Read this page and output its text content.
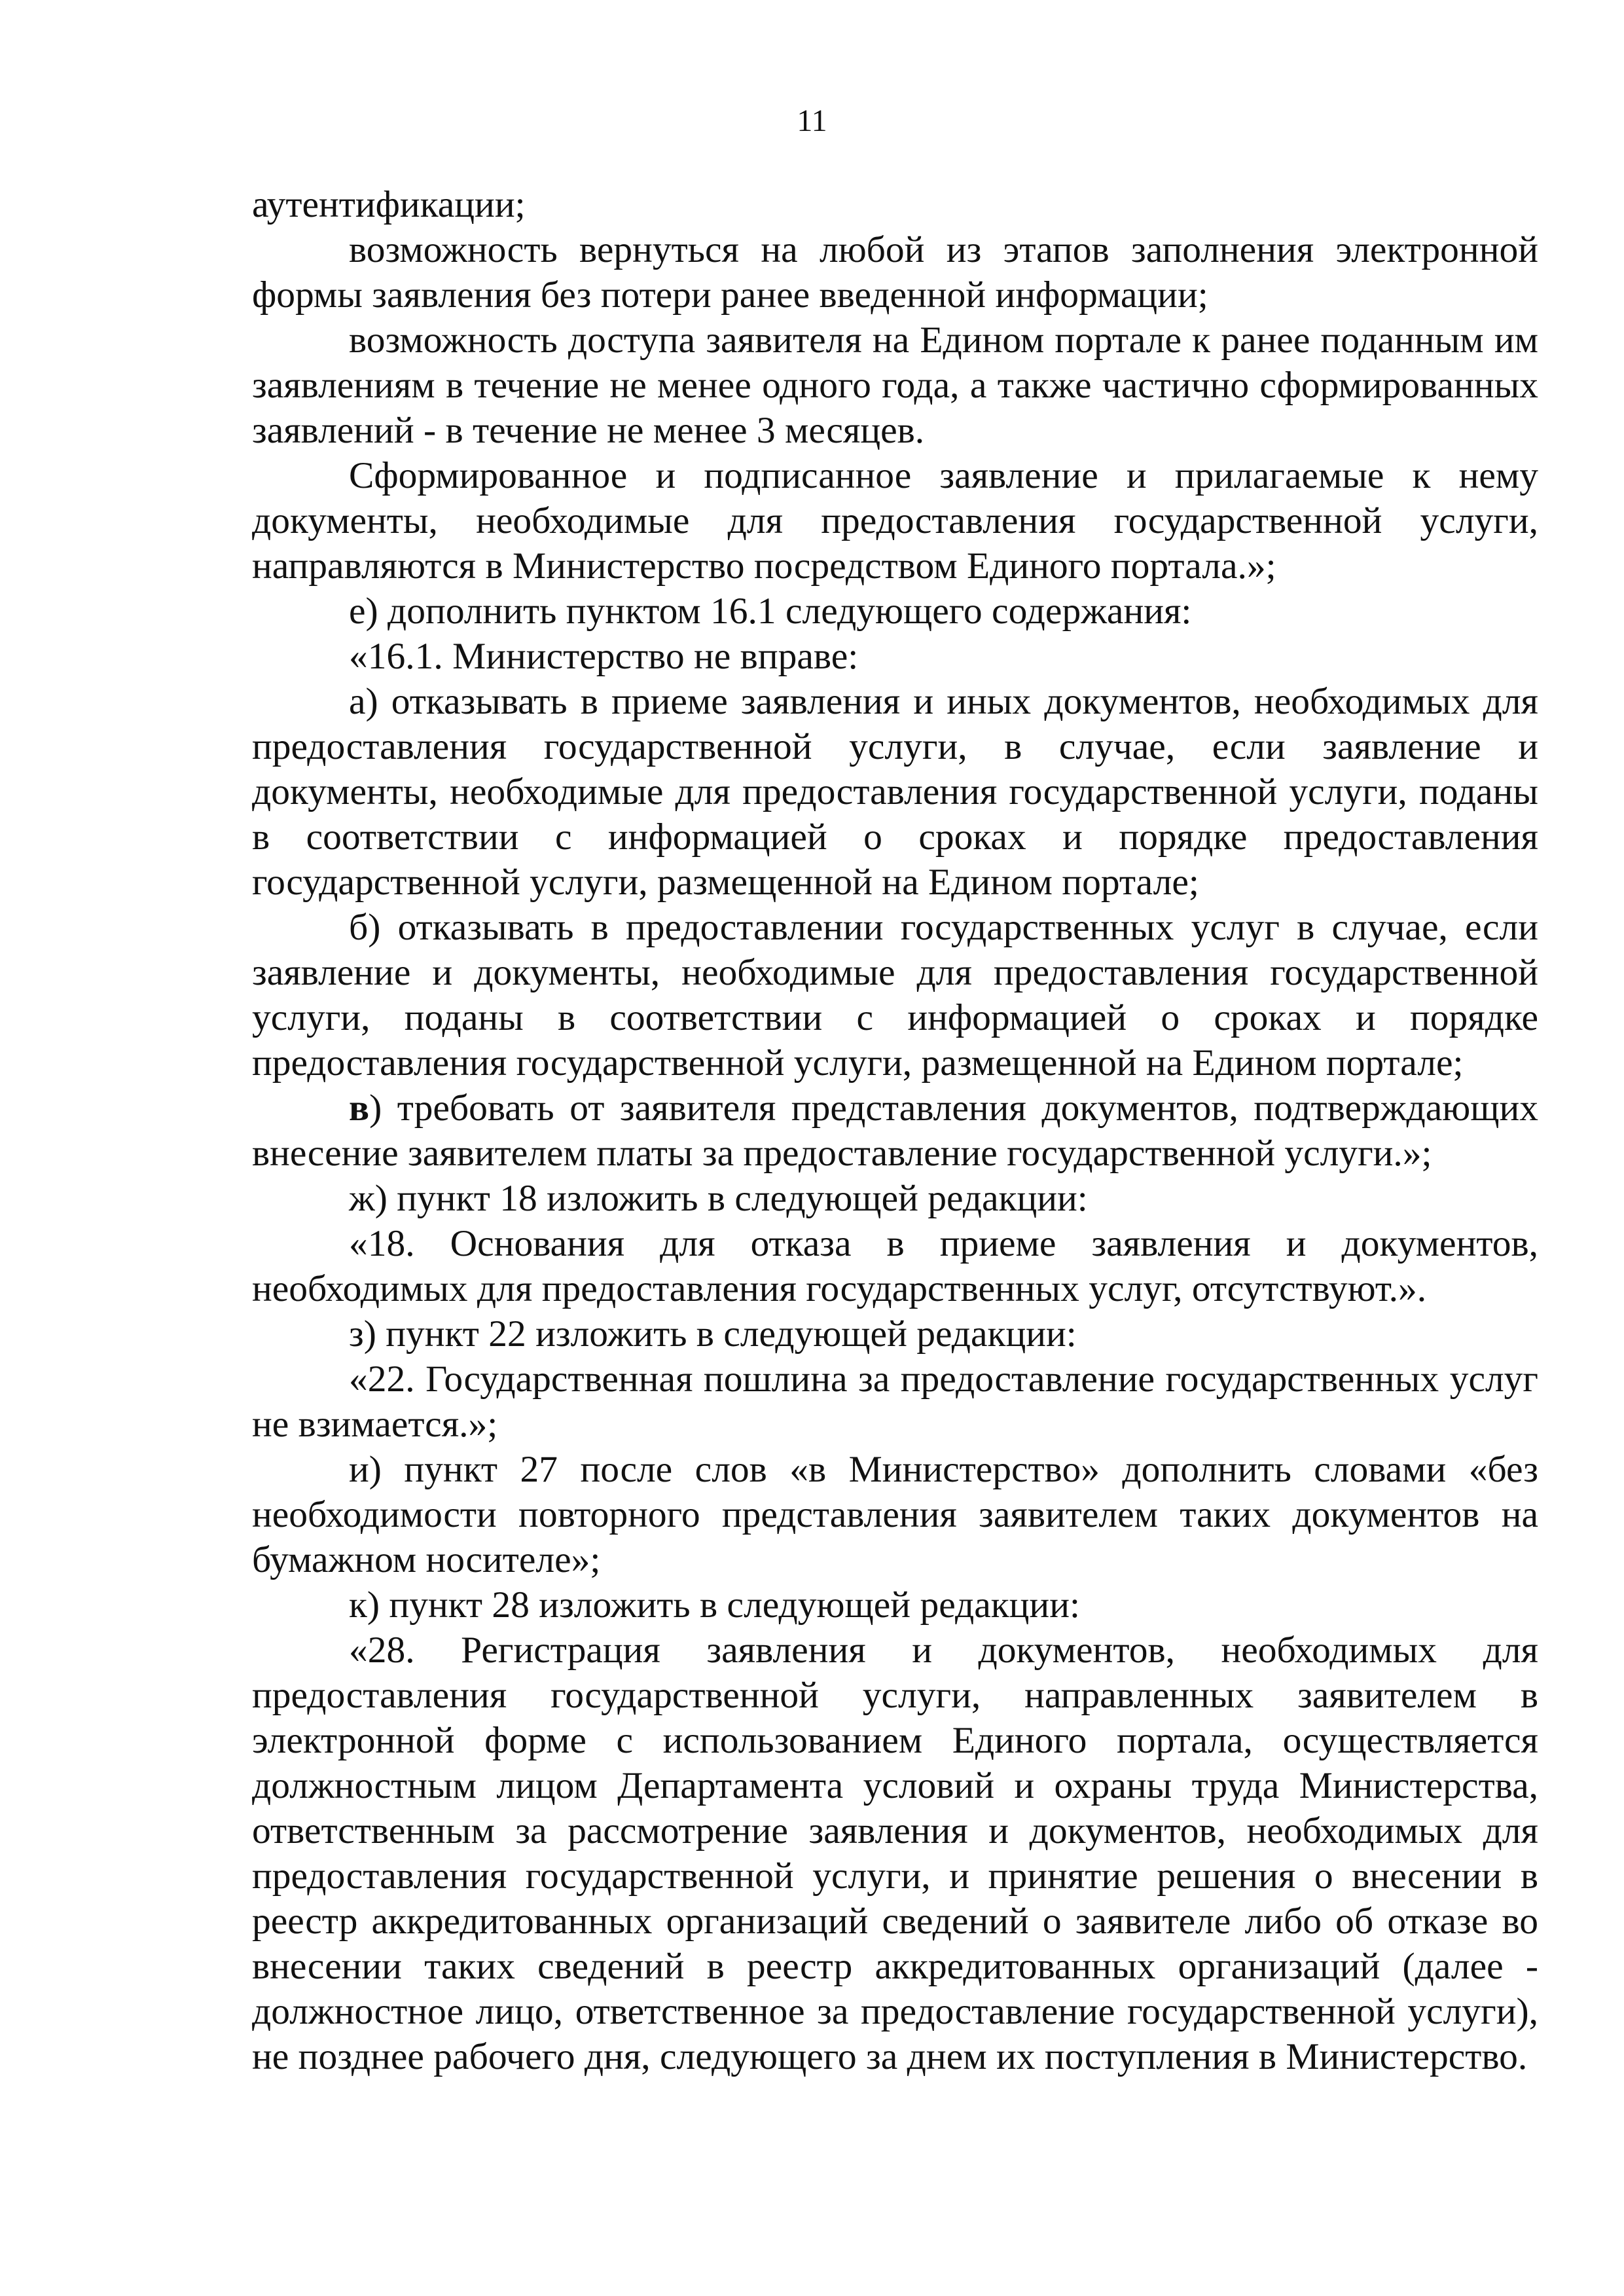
11

аутентификации;

возможность вернуться на любой из этапов заполнения электронной формы заявления без потери ранее введенной информации;

возможность доступа заявителя на Едином портале к ранее поданным им заявлениям в течение не менее одного года, а также частично сформированных заявлений - в течение не менее 3 месяцев.

Сформированное и подписанное заявление и прилагаемые к нему документы, необходимые для предоставления государственной услуги, направляются в Министерство посредством Единого портала.»;

е) дополнить пунктом 16.1 следующего содержания:

«16.1. Министерство не вправе:

а) отказывать в приеме заявления и иных документов, необходимых для предоставления государственной услуги, в случае, если заявление и документы, необходимые для предоставления государственной услуги, поданы в соответствии с информацией о сроках и порядке предоставления государственной услуги, размещенной на Едином портале;

б) отказывать в предоставлении государственных услуг в случае, если заявление и документы, необходимые для предоставления государственной услуги, поданы в соответствии с информацией о сроках и порядке предоставления государственной услуги, размещенной на Едином портале;

в) требовать от заявителя представления документов, подтверждающих внесение заявителем платы за предоставление государственной услуги.»;

ж) пункт 18 изложить в следующей редакции:

«18. Основания для отказа в приеме заявления и документов, необходимых для предоставления государственных услуг, отсутствуют.».

з) пункт 22 изложить в следующей редакции:

«22. Государственная пошлина за предоставление государственных услуг не взимается.»;

и) пункт 27 после слов «в Министерство» дополнить словами «без необходимости повторного представления заявителем таких документов на бумажном носителе»;

к) пункт 28 изложить в следующей редакции:

«28. Регистрация заявления и документов, необходимых для предоставления государственной услуги, направленных заявителем в электронной форме с использованием Единого портала, осуществляется должностным лицом Департамента условий и охраны труда Министерства, ответственным за рассмотрение заявления и документов, необходимых для предоставления государственной услуги, и принятие решения о внесении в реестр аккредитованных организаций сведений о заявителе либо об отказе во внесении таких сведений в реестр аккредитованных организаций (далее - должностное лицо, ответственное за предоставление государственной услуги), не позднее рабочего дня, следующего за днем их поступления в Министерство.
